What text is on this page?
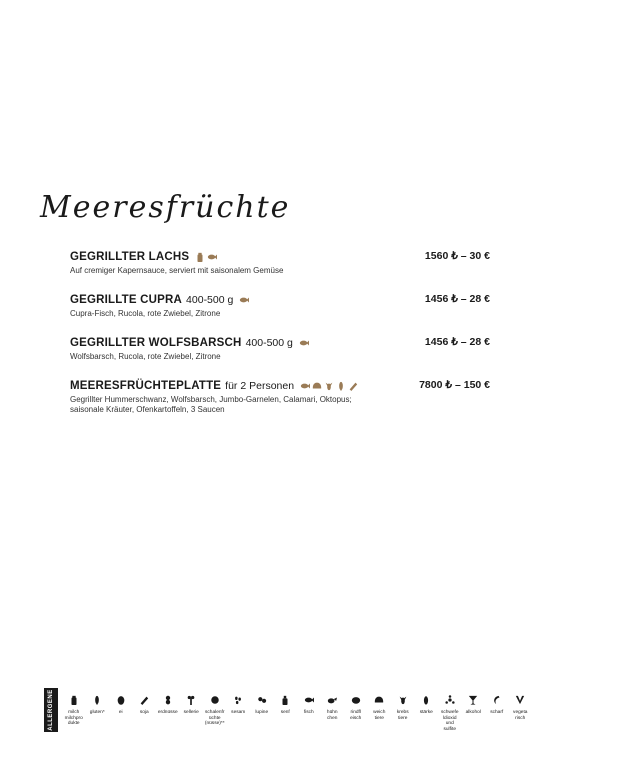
Meeresfrüchte
GEGRILLTER LACHS	1560 ₺ – 30 €
Auf cremiger Kapernsauce, serviert mit saisonalem Gemüse
GEGRILLTE CUPRA 400-500 g	1456 ₺ – 28 €
Cupra-Fisch, Rucola, rote Zwiebel, Zitrone
GEGRILLTER WOLFSBARSCH 400-500 g	1456 ₺ – 28 €
Wolfsbarsch, Rucola, rote Zwiebel, Zitrone
MEERESFRÜCHTEPLATTE für 2 Personen	7800 ₺ – 150 €
Gegrillter Hummerschwanz, Wolfsbarsch, Jumbo-Garnelen, Calamari, Oktopus;
saisonale Kräuter, Ofenkartoffeln, 3 Saucen
ALLERGENE	milch
milchpro
dukte
gluten*	ei	soja erdnüsse sellerie schalenfr
üchte
(nüsse)**
sesam lupine	senf	fisch	hühn
chen
rindfl
eisch
weich
tiere
krebs
tiere
stärke schwefe
ldioxid
und
sulfite
alkohol scharf vegeta
risch
